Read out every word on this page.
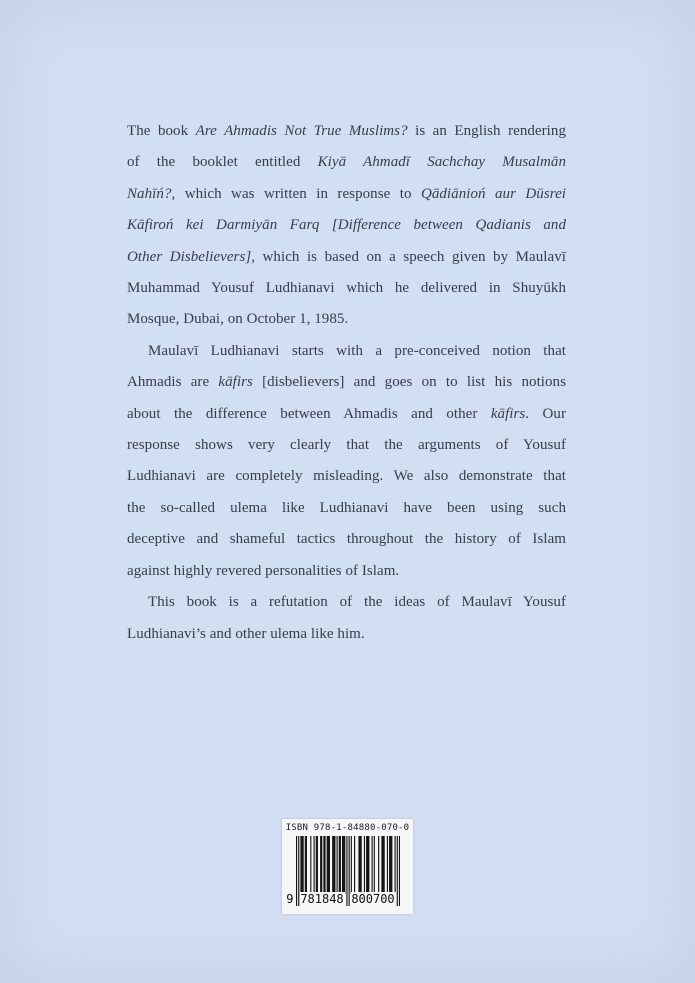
The book Are Ahmadis Not True Muslims? is an English rendering
of the booklet entitled Kiyā Ahmadī Sachchay Musalmān
Nahīń?, which was written in response to Qādiānioń aur Dūsrei
Kāfiroń kei Darmiyān Farq [Difference between Qadianis and
Other Disbelievers], which is based on a speech given by Maulavī
Muhammad Yousuf Ludhianavi which he delivered in Shuyūkh
Mosque, Dubai, on October 1, 1985.
Maulavī Ludhianavi starts with a pre-conceived notion that
Ahmadis are kāfirs [disbelievers] and goes on to list his notions
about the difference between Ahmadis and other kāfirs. Our
response shows very clearly that the arguments of Yousuf
Ludhianavi are completely misleading. We also demonstrate that
the so-called ulema like Ludhianavi have been using such
deceptive and shameful tactics throughout the history of Islam
against highly revered personalities of Islam.
This book is a refutation of the ideas of Maulavī Yousuf
Ludhianavi’s and other ulema like him.
ISBN 978-1-84880-070-0
9 781848 800700
